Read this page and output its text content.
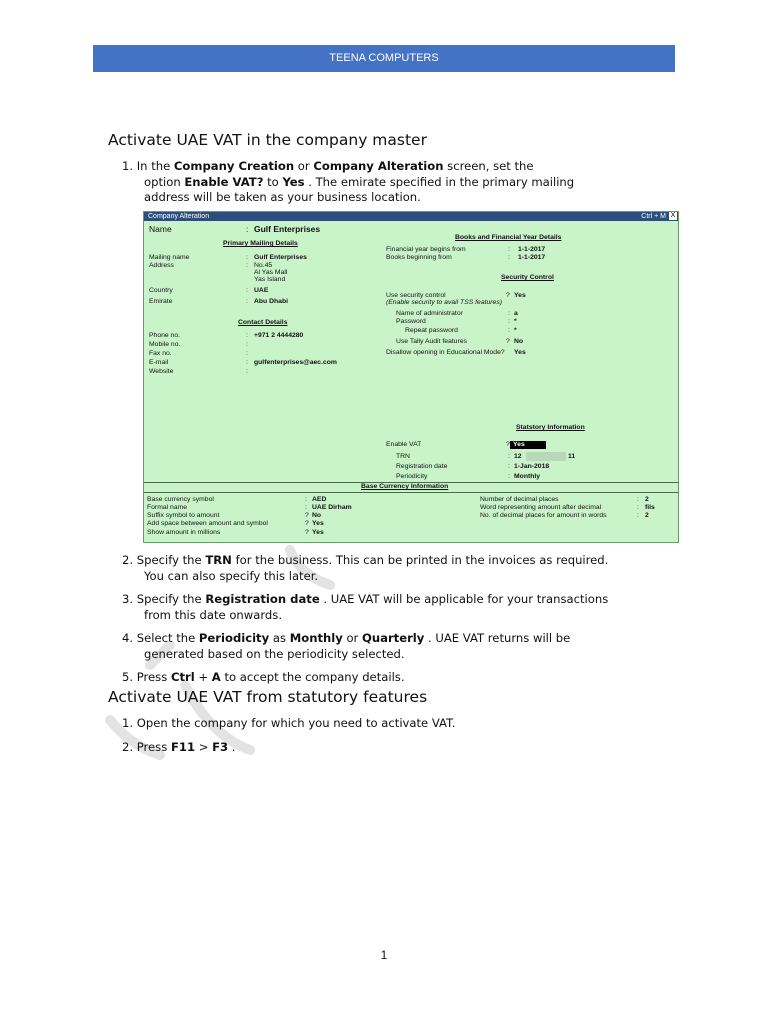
TEENA COMPUTERS
Activate UAE VAT in the company master
1. In the Company Creation or Company Alteration screen, set the
option Enable VAT? to Yes . The emirate specified in the primary mailing
address will be taken as your business location.
Company Alteration	Ctrl + M X
Name	: Gulf Enterprises
Primary Mailing Details
Mailing name	: Gulf Enterprises
Address	: No.45
Al Yas Mall
Yas Island
Country	: UAE
Emirate	: Abu Dhabi
Contact Details
Phone no.	: +971 2 4444280
Mobile no.	:
Fax no.	:
E-mail	: gulfenterprises@aec.com
Website	:
Books and Financial Year Details
Financial year begins from	: 1-1-2017
Books beginning from	: 1-1-2017
Security Control
Use security control	? Yes
(Enable security to avail TSS features)
Name of administrator	: a
Password	: *
Repeat password	: *
Use Tally Audit features	? No
Disallow opening in Educational Mode? Yes
Statstory Information
Enable VAT	? Yes
TRN	: 12	11
Registration date	: 1-Jan-2018
Periodicity	: Monthly
Base Currency Information
Base currency symbol	: AED
Formal name	: UAE Dirham
Suffix symbol to amount	? No
Add space between amount and symbol	? Yes
Show amount in millions	? Yes
Number of decimal places	: 2
Word representing amount after decimal	: fils
No. of decimal places for amount in words	: 2
2. Specify the TRN for the business. This can be printed in the invoices as required.
You can also specify this later.
3. Specify the Registration date . UAE VAT will be applicable for your transactions
from this date onwards.
4. Select the Periodicity as Monthly or Quarterly . UAE VAT returns will be
generated based on the periodicity selected.
5. Press Ctrl + A to accept the company details.
Activate UAE VAT from statutory features
1. Open the company for which you need to activate VAT.
2. Press F11 > F3 .
1
